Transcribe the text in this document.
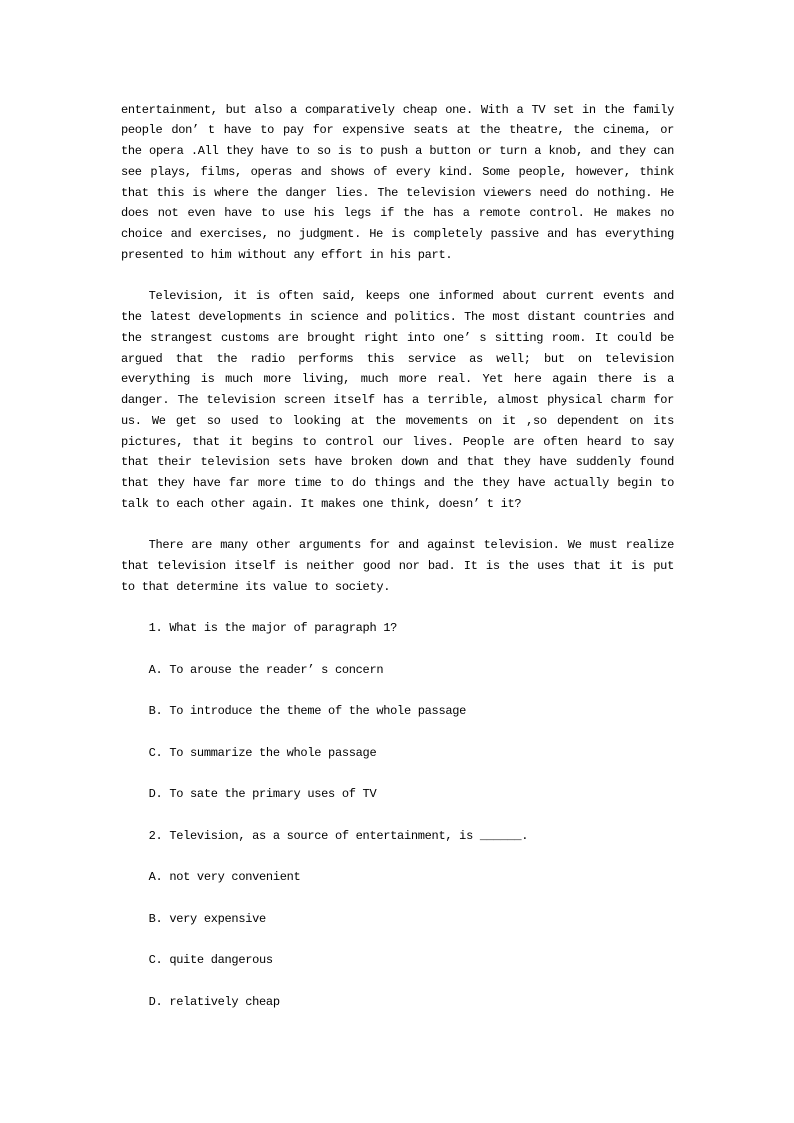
entertainment, but also a comparatively cheap one. With a TV set in the family
people don’ t have to pay for expensive seats at the theatre, the cinema, or
the opera .All they have to so is to push a button or turn a knob, and they can
see plays, films, operas and shows of every kind. Some people, however, think
that this is where the danger lies. The television viewers need do nothing. He
does not even have to use his legs if the has a remote control. He makes no
choice and exercises, no judgment. He is completely passive and has everything
presented to him without any effort in his part.
Television, it is often said, keeps one informed about current events and
the latest developments in science and politics. The most distant countries and
the strangest customs are brought right into one’ s sitting room. It could be
argued that the radio performs this service as well; but on television
everything is much more living, much more real. Yet here again there is a
danger. The television screen itself has a terrible, almost physical charm for
us. We get so used to looking at the movements on it ,so dependent on its
pictures, that it begins to control our lives. People are often heard to say
that their television sets have broken down and that they have suddenly found
that they have far more time to do things and the they have actually begin to
talk to each other again. It makes one think, doesn’ t it?
There are many other arguments for and against television. We must realize
that television itself is neither good nor bad. It is the uses that it is put
to that determine its value to society.
1. What is the major of paragraph 1?
A. To arouse the reader’ s concern
B. To introduce the theme of the whole passage
C. To summarize the whole passage
D. To sate the primary uses of TV
2. Television, as a source of entertainment, is ______.
A. not very convenient
B. very expensive
C. quite dangerous
D. relatively cheap
